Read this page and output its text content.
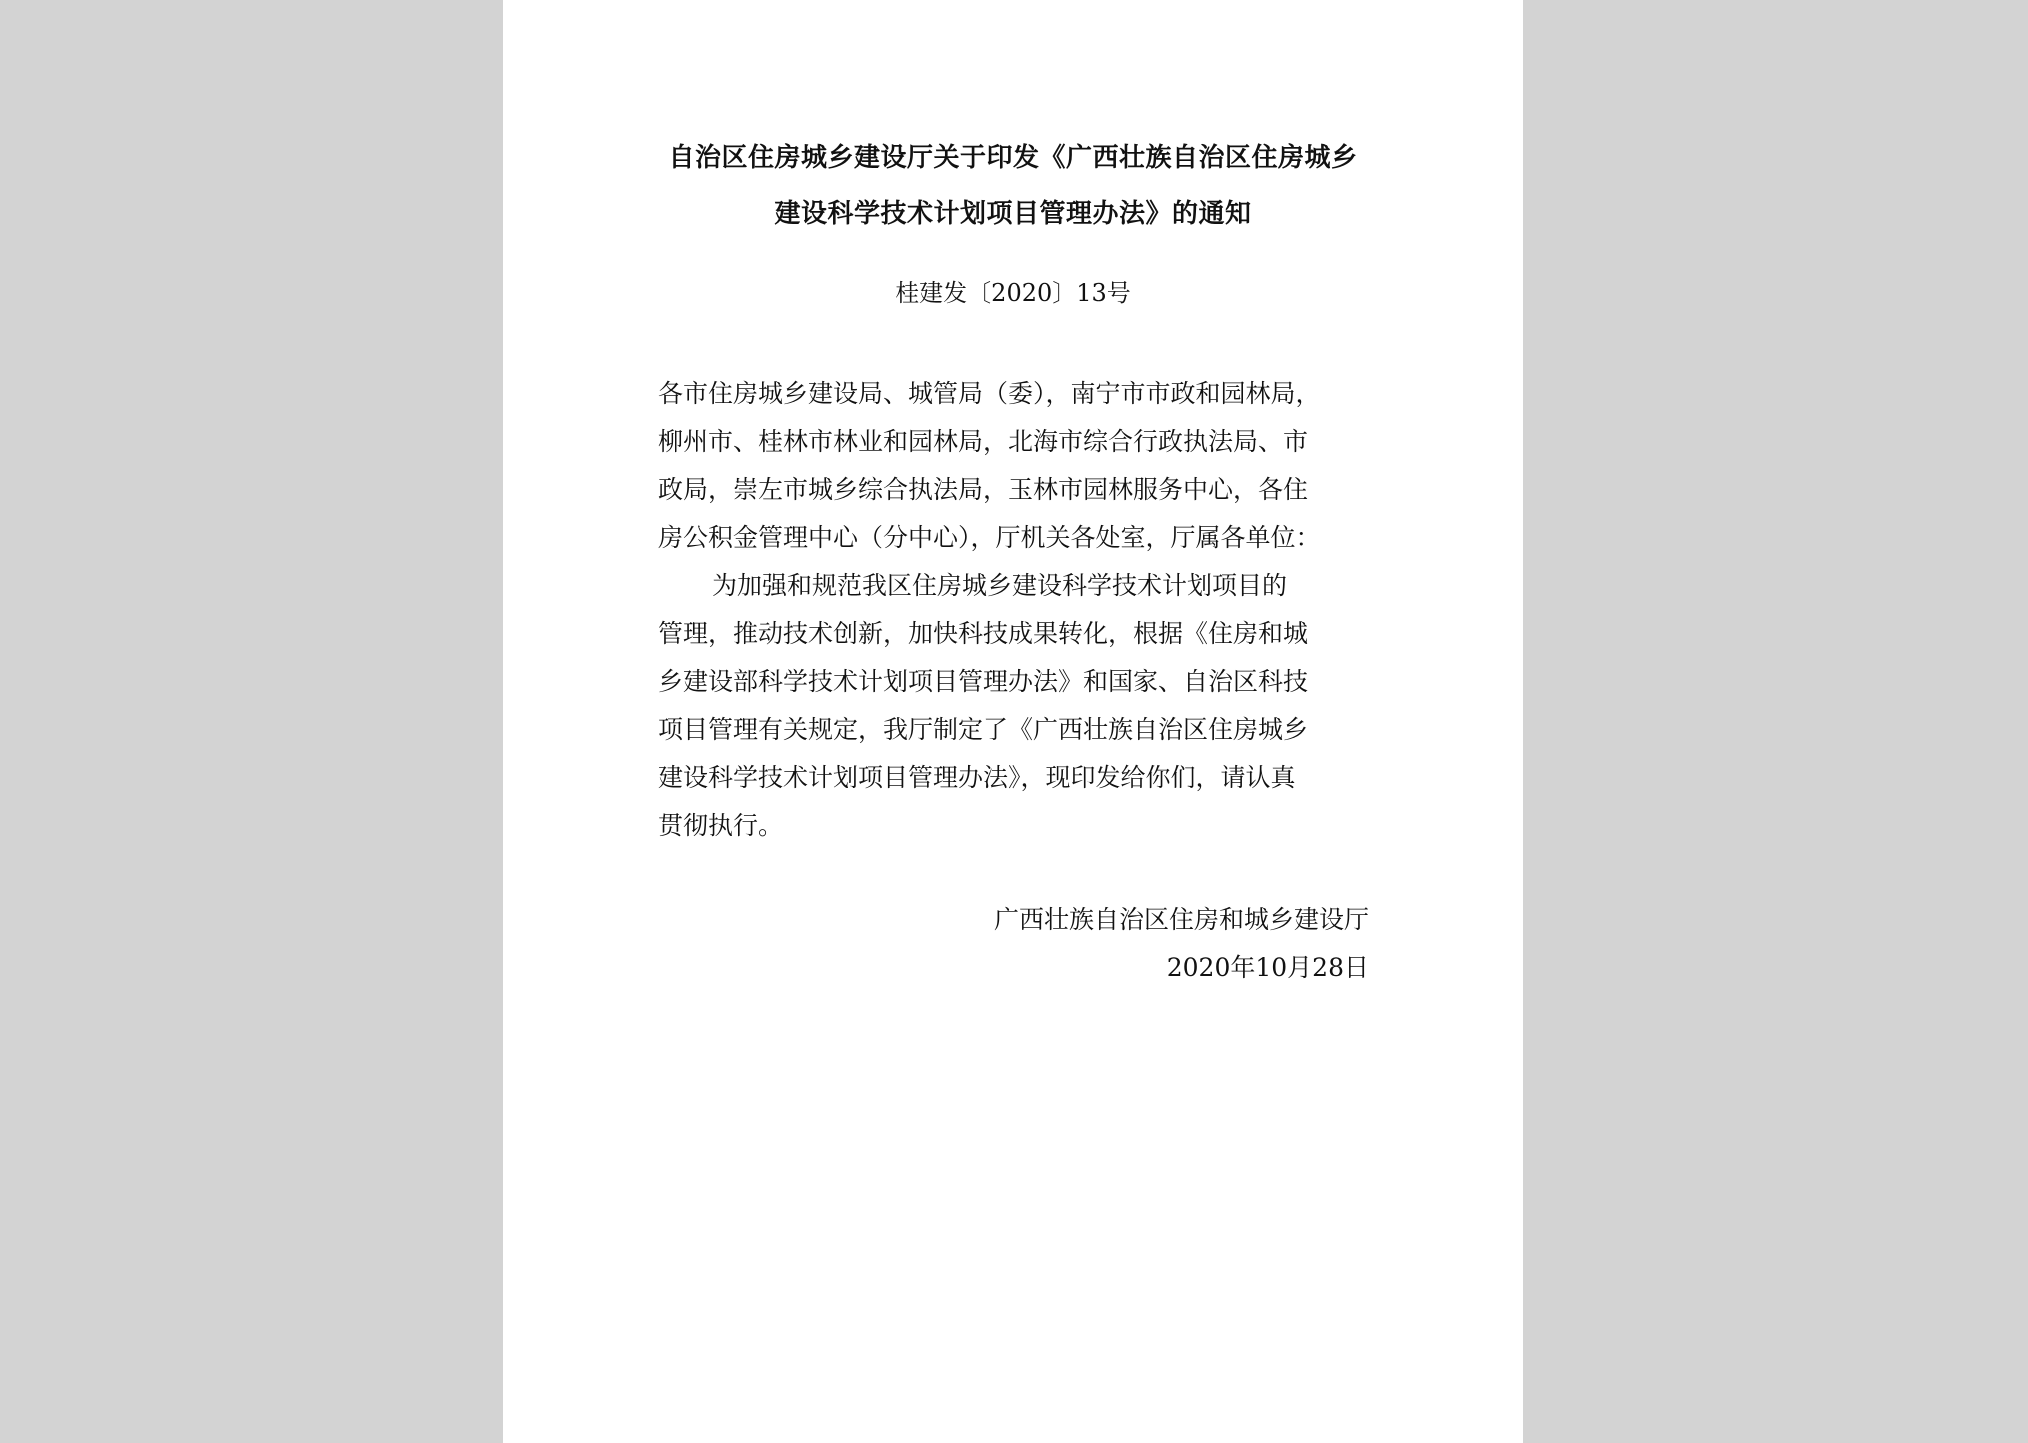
自治区住房城乡建设厅关于印发《广西壮族自治区住房城乡
建设科学技术计划项目管理办法》的通知
桂建发〔2020〕13号
各市住房城乡建设局、城管局（委），南宁市市政和园林局，
柳州市、桂林市林业和园林局，北海市综合行政执法局、市
政局，崇左市城乡综合执法局，玉林市园林服务中心，各住
房公积金管理中心（分中心），厅机关各处室，厅属各单位：
为加强和规范我区住房城乡建设科学技术计划项目的
管理，推动技术创新，加快科技成果转化，根据《住房和城
乡建设部科学技术计划项目管理办法》和国家、自治区科技
项目管理有关规定，我厅制定了《广西壮族自治区住房城乡
建设科学技术计划项目管理办法》，现印发给你们，请认真
贯彻执行。
广西壮族自治区住房和城乡建设厅
2020年10月28日
